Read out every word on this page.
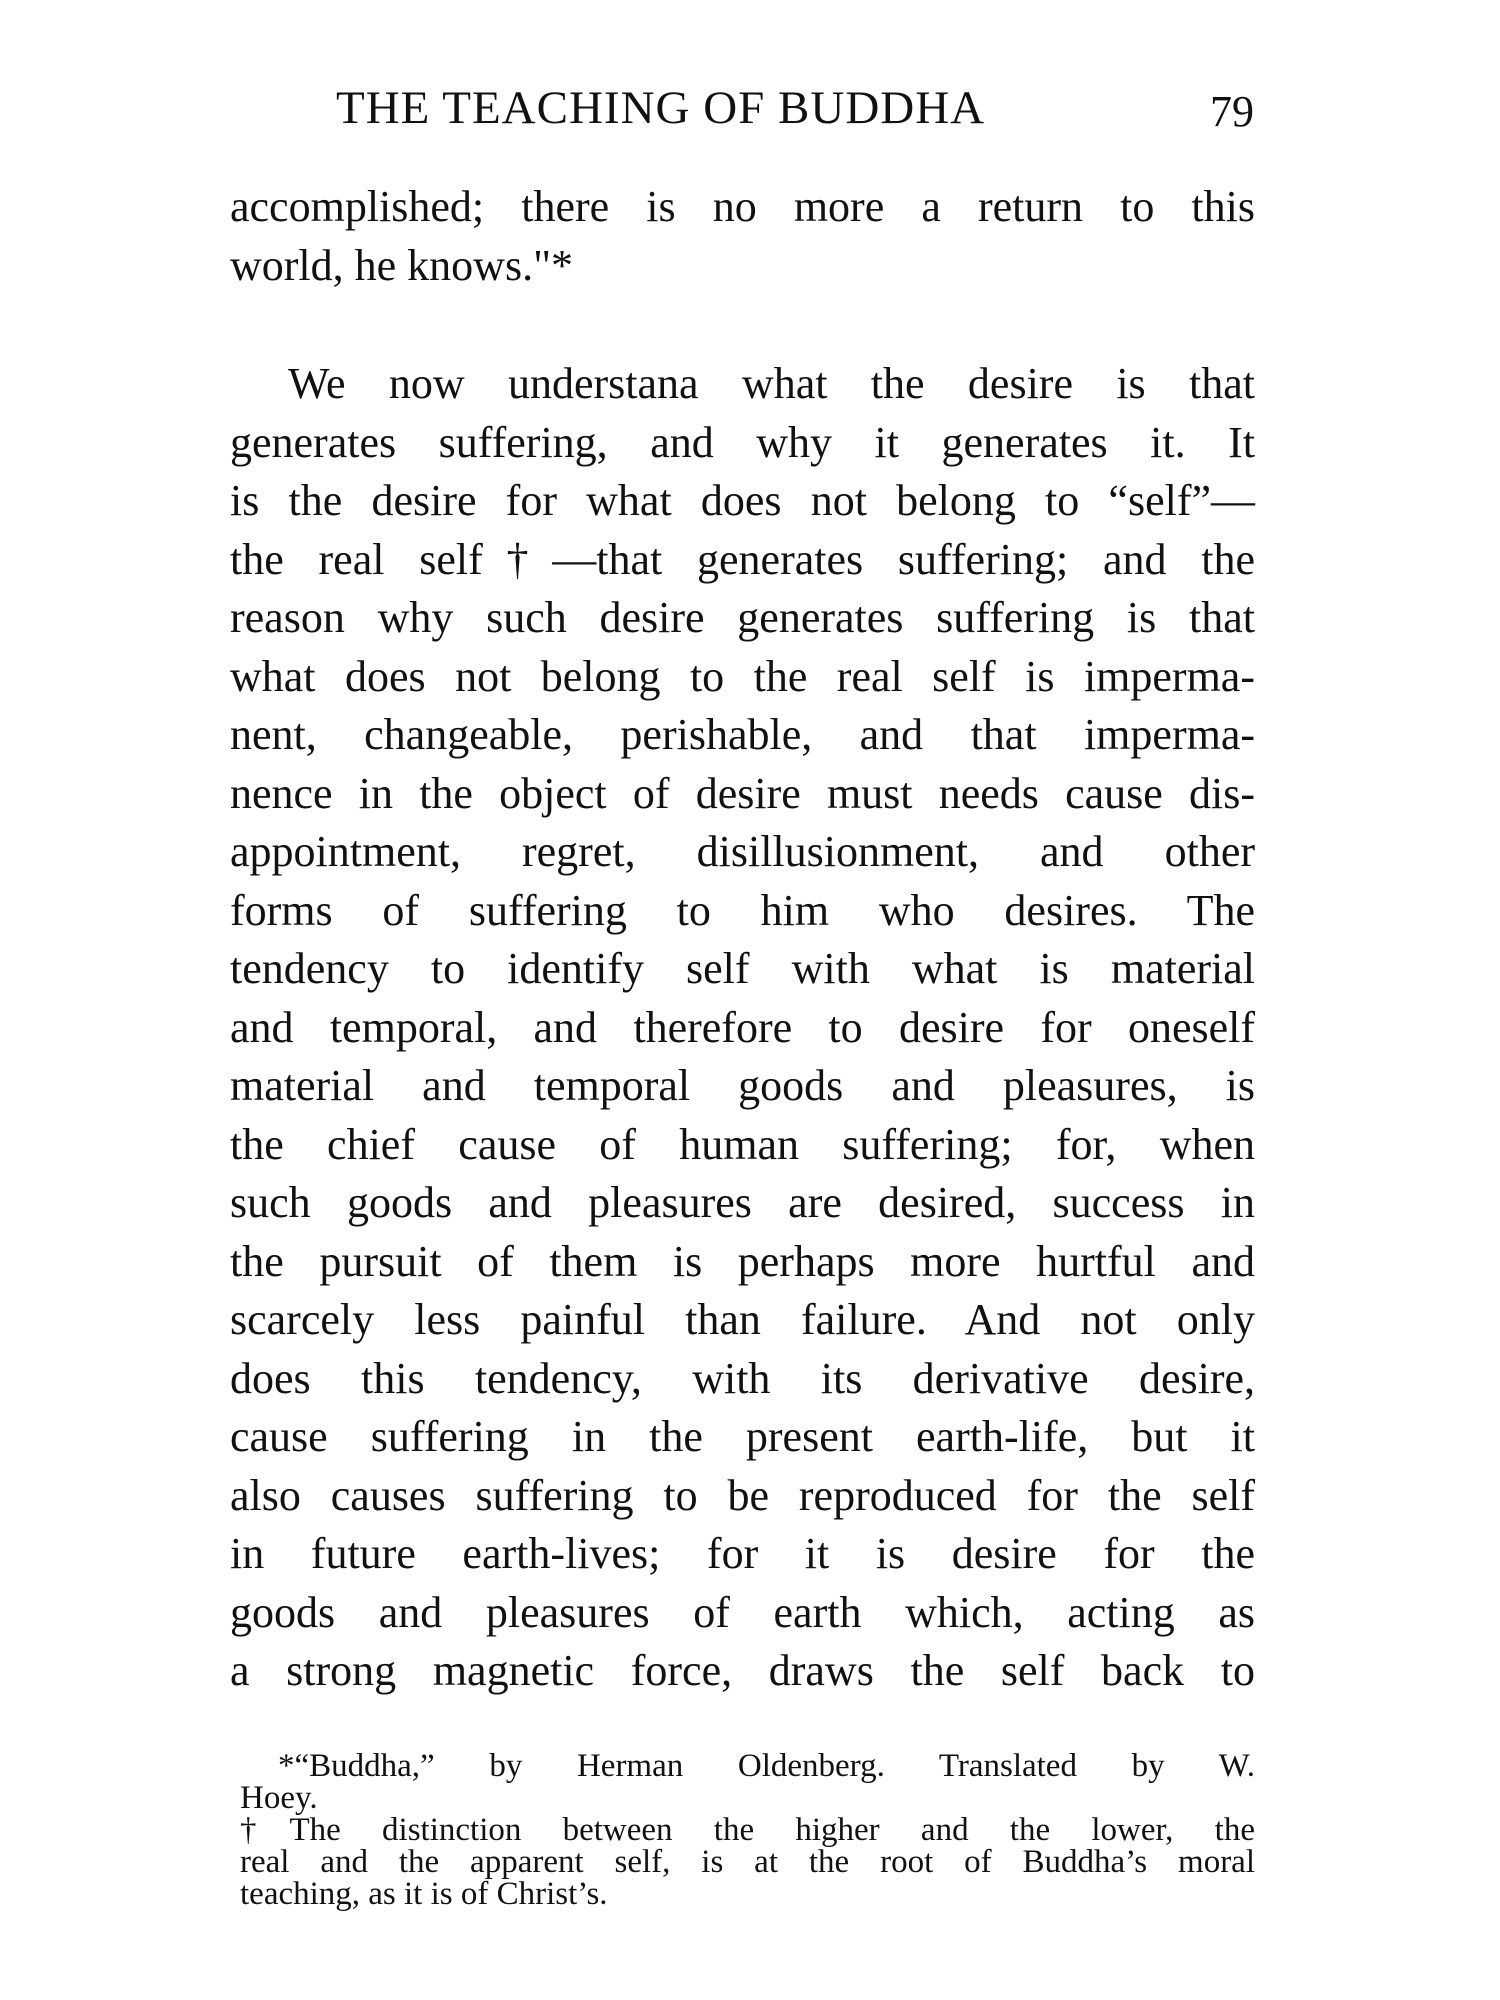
THE TEACHING OF BUDDHA	79
accomplished; there is no more a return to this
world, he knows."*
We now understana what the desire is that
generates suffering, and why it generates it. It
is the desire for what does not belong to “self”—
the real self†—that generates suffering; and the
reason why such desire generates suffering is that
what does not belong to the real self is imperma-
nent, changeable, perishable, and that imperma-
nence in the object of desire must needs cause dis-
appointment, regret, disillusionment, and other
forms of suffering to him who desires. The
tendency to identify self with what is material
and temporal, and therefore to desire for oneself
material and temporal goods and pleasures, is
the chief cause of human suffering; for, when
such goods and pleasures are desired, success in
the pursuit of them is perhaps more hurtful and
scarcely less painful than failure. And not only
does this tendency, with its derivative desire,
cause suffering in the present earth-life, but it
also causes suffering to be reproduced for the self
in future earth-lives; for it is desire for the
goods and pleasures of earth which, acting as
a strong magnetic force, draws the self back to
*“Buddha,” by Herman Oldenberg. Translated by W.
Hoey.
†The distinction between the higher and the lower, the
real and the apparent self, is at the root of Buddha’s moral
teaching, as it is of Christ’s.
